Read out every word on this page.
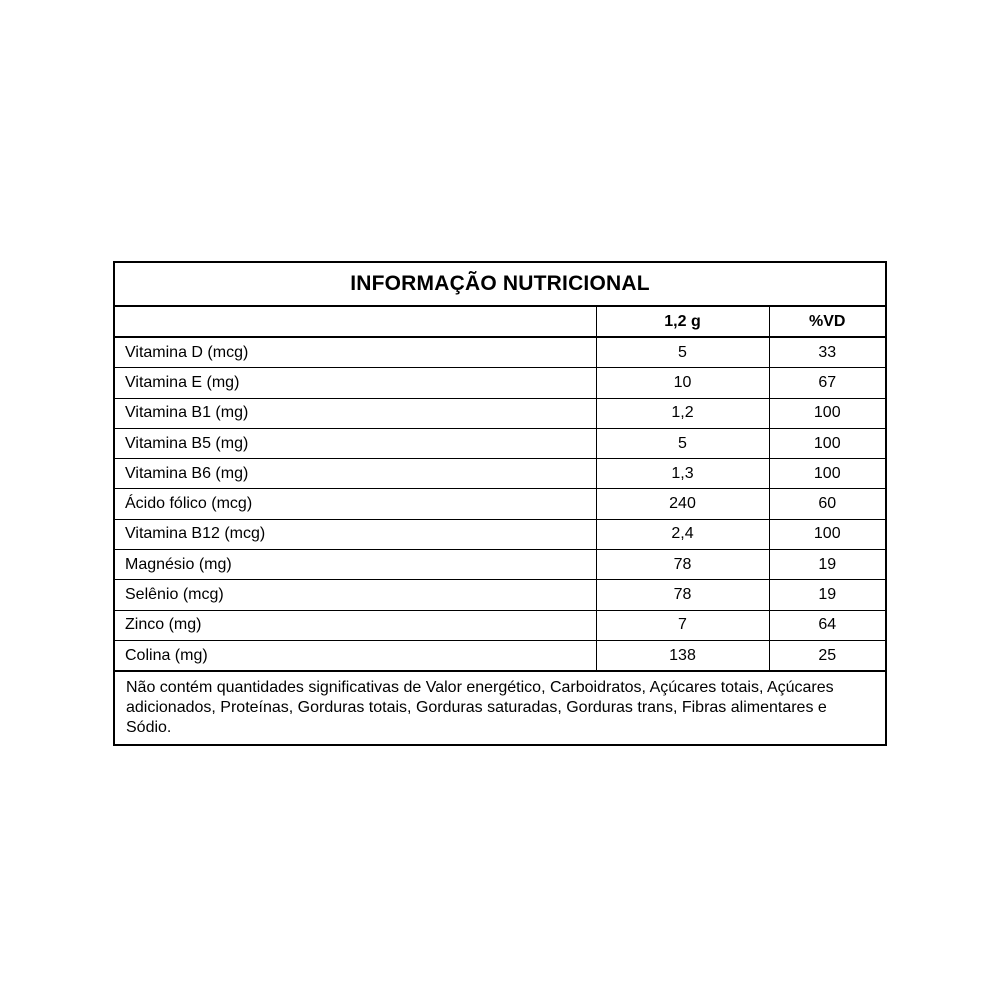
INFORMAÇÃO NUTRICIONAL
	1,2 g	%VD
Vitamina D (mcg)	5	33
Vitamina E (mg)	10	67
Vitamina B1 (mg)	1,2	100
Vitamina B5 (mg)	5	100
Vitamina B6 (mg)	1,3	100
Ácido fólico (mcg)	240	60
Vitamina B12 (mcg)	2,4	100
Magnésio (mg)	78	19
Selênio (mcg)	78	19
Zinco (mg)	7	64
Colina (mg)	138	25
Não contém quantidades significativas de Valor energético, Carboidratos, Açúcares totais, Açúcares adicionados, Proteínas, Gorduras totais, Gorduras saturadas, Gorduras trans, Fibras alimentares e Sódio.
